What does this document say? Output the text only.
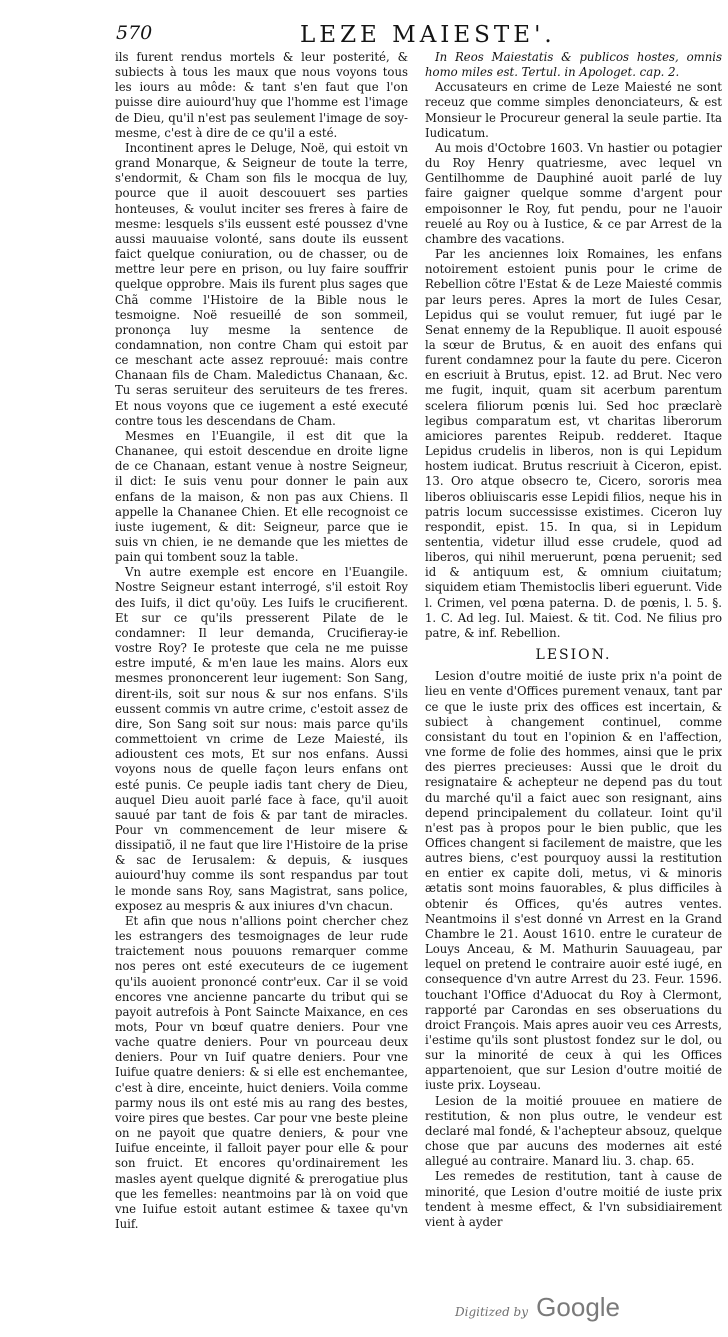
570	LEZE MAIESTE'.

ils furent rendus mortels & leur posterité, & subiects à tous les maux que nous voyons tous les iours au môde: & tant s'en faut que l'on puisse dire auiourd'huy que l'homme est l'image de Dieu, qu'il n'est pas seulement l'image de soy-mesme, c'est à dire de ce qu'il a esté.

Incontinent apres le Deluge, Noë, qui estoit vn grand Monarque, & Seigneur de toute la terre, s'endormit, & Cham son fils le mocqua de luy, pource que il auoit descouuert ses parties honteuses, & voulut inciter ses freres à faire de mesme: lesquels s'ils eussent esté poussez d'vne aussi mauuaise volonté, sans doute ils eussent faict quelque coniuration, ou de chasser, ou de mettre leur pere en prison, ou luy faire souffrir quelque opprobre. Mais ils furent plus sages que Chã comme l'Histoire de la Bible nous le tesmoigne. Noë resueillé de son sommeil, prononça luy mesme la sentence de condamnation, non contre Cham qui estoit par ce meschant acte assez reprouué: mais contre Chanaan fils de Cham. Maledictus Chanaan, &c. Tu seras seruiteur des seruiteurs de tes freres. Et nous voyons que ce iugement a esté executé contre tous les descendans de Cham.

Mesmes en l'Euangile, il est dit que la Chananee, qui estoit descendue en droite ligne de ce Chanaan, estant venue à nostre Seigneur, il dict: Ie suis venu pour donner le pain aux enfans de la maison, & non pas aux Chiens. Il appelle la Chananee Chien. Et elle recognoist ce iuste iugement, & dit: Seigneur, parce que ie suis vn chien, ie ne demande que les miettes de pain qui tombent souz la table.

Vn autre exemple est encore en l'Euangile. Nostre Seigneur estant interrogé, s'il estoit Roy des Iuifs, il dict qu'oüy. Les Iuifs le crucifierent. Et sur ce qu'ils presserent Pilate de le condamner: Il leur demanda, Crucifieray-ie vostre Roy? Ie proteste que cela ne me puisse estre imputé, & m'en laue les mains. Alors eux mesmes prononcerent leur iugement: Son Sang, dirent-ils, soit sur nous & sur nos enfans. S'ils eussent commis vn autre crime, c'estoit assez de dire, Son Sang soit sur nous: mais parce qu'ils commettoient vn crime de Leze Maiesté, ils adioustent ces mots, Et sur nos enfans. Aussi voyons nous de quelle façon leurs enfans ont esté punis. Ce peuple iadis tant chery de Dieu, auquel Dieu auoit parlé face à face, qu'il auoit sauué par tant de fois & par tant de miracles. Pour vn commencement de leur misere & dissipatiõ, il ne faut que lire l'Histoire de la prise & sac de Ierusalem: & depuis, & iusques auiourd'huy comme ils sont respandus par tout le monde sans Roy, sans Magistrat, sans police, exposez au mespris & aux iniures d'vn chacun.

Et afin que nous n'allions point chercher chez les estrangers des tesmoignages de leur rude traictement nous pouuons remarquer comme nos peres ont esté executeurs de ce iugement qu'ils auoient prononcé contr'eux. Car il se void encores vne ancienne pancarte du tribut qui se payoit autrefois à Pont Saincte Maixance, en ces mots, Pour vn bœuf quatre deniers. Pour vne vache quatre deniers. Pour vn pourceau deux deniers. Pour vn Iuif quatre deniers. Pour vne Iuifue quatre deniers: & si elle est enchemantee, c'est à dire, enceinte, huict deniers. Voila comme parmy nous ils ont esté mis au rang des bestes, voire pires que bestes. Car pour vne beste pleine on ne payoit que quatre deniers, & pour vne Iuifue enceinte, il falloit payer pour elle & pour son fruict. Et encores qu'ordinairement les masles ayent quelque dignité & prerogatiue plus que les femelles: neantmoins par là on void que vne Iuifue estoit autant estimee & taxee qu'vn Iuif.

In Reos Maiestatis & publicos hostes, omnis homo miles est. Tertul. in Apologet. cap. 2.

Accusateurs en crime de Leze Maiesté ne sont receuz que comme simples denonciateurs, & est Monsieur le Procureur general la seule partie. Ita Iudicatum.

Au mois d'Octobre 1603. Vn hastier ou potagier du Roy Henry quatriesme, avec lequel vn Gentilhomme de Dauphiné auoit parlé de luy faire gaigner quelque somme d'argent pour empoisonner le Roy, fut pendu, pour ne l'auoir reuelé au Roy ou à Iustice, & ce par Arrest de la chambre des vacations.

Par les anciennes loix Romaines, les enfans notoirement estoient punis pour le crime de Rebellion cõtre l'Estat & de Leze Maiesté commis par leurs peres. Apres la mort de Iules Cesar, Lepidus qui se voulut remuer, fut iugé par le Senat ennemy de la Republique. Il auoit espousé la sœur de Brutus, & en auoit des enfans qui furent condamnez pour la faute du pere. Ciceron en escriuit à Brutus, epist. 12. ad Brut. Nec vero me fugit, inquit, quam sit acerbum parentum scelera filiorum pœnis lui. Sed hoc præclarè legibus comparatum est, vt charitas liberorum amiciores parentes Reipub. redderet. Itaque Lepidus crudelis in liberos, non is qui Lepidum hostem iudicat. Brutus rescriuit à Ciceron, epist. 13. Oro atque obsecro te, Cicero, sororis mea liberos obliuiscaris esse Lepidi filios, neque his in patris locum successisse existimes. Ciceron luy respondit, epist. 15. In qua, si in Lepidum sententia, videtur illud esse crudele, quod ad liberos, qui nihil meruerunt, pœna peruenit; sed id & antiquum est, & omnium ciuitatum; siquidem etiam Themistoclis liberi eguerunt. Vide l. Crimen, vel pœna paterna. D. de pœnis, l. 5. §. 1. C. Ad leg. Iul. Maiest. & tit. Cod. Ne filius pro patre, & inf. Rebellion.

LESION.

Lesion d'outre moitié de iuste prix n'a point de lieu en vente d'Offices purement venaux, tant par ce que le iuste prix des offices est incertain, & subiect à changement continuel, comme consistant du tout en l'opinion & en l'affection, vne forme de folie des hommes, ainsi que le prix des pierres precieuses: Aussi que le droit du resignataire & achepteur ne depend pas du tout du marché qu'il a faict auec son resignant, ains depend principalement du collateur. Ioint qu'il n'est pas à propos pour le bien public, que les Offices changent si facilement de maistre, que les autres biens, c'est pourquoy aussi la restitution en entier ex capite doli, metus, vi & minoris ætatis sont moins fauorables, & plus difficiles à obtenir és Offices, qu'és autres ventes. Neantmoins il s'est donné vn Arrest en la Grand Chambre le 21. Aoust 1610. entre le curateur de Louys Anceau, & M. Mathurin Sauuageau, par lequel on pretend le contraire auoir esté iugé, en consequence d'vn autre Arrest du 23. Feur. 1596. touchant l'Office d'Aduocat du Roy à Clermont, rapporté par Carondas en ses obseruations du droict François. Mais apres auoir veu ces Arrests, i'estime qu'ils sont plustost fondez sur le dol, ou sur la minorité de ceux à qui les Offices appartenoient, que sur Lesion d'outre moitié de iuste prix. Loyseau.

Lesion de la moitié prouuee en matiere de restitution, & non plus outre, le vendeur est declaré mal fondé, & l'achepteur absouz, quelque chose que par aucuns des modernes ait esté allegué au contraire. Manard liu. 3. chap. 65.

Les remedes de restitution, tant à cause de minorité, que Lesion d'outre moitié de iuste prix tendent à mesme effect, & l'vn subsidiairement vient à ayder

Digitized by Google
